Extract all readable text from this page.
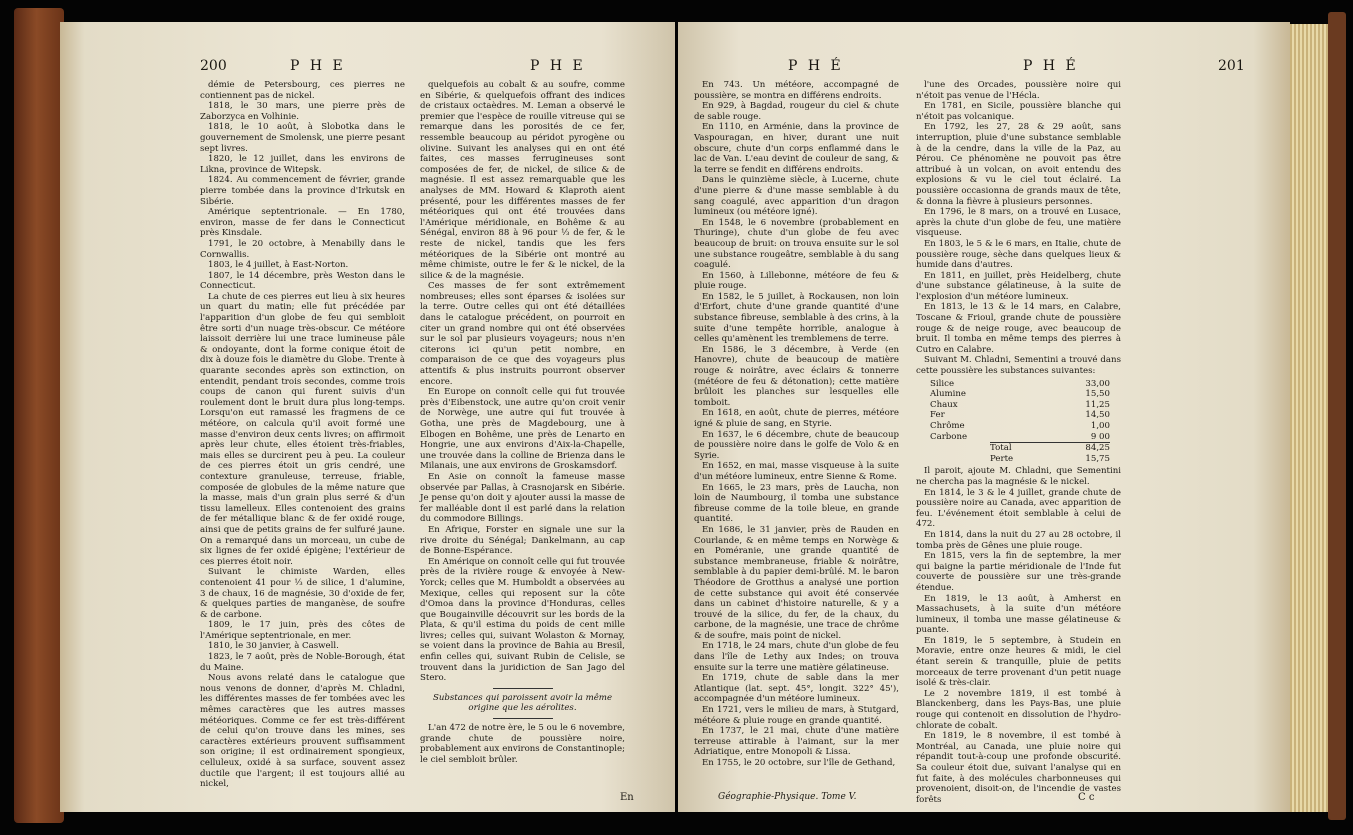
200	P H E	P H E

démie de Petersbourg, ces pierres ne contiennent pas de nickel.

1818, le 30 mars, une pierre près de Zaborzyca en Volhinie.

1818, le 10 août, à Slobotka dans le gouvernement de Smolensk, une pierre pesant sept livres.

1820, le 12 juillet, dans les environs de Likna, province de Witepsk.

1824. Au commencement de février, grande pierre tombée dans la province d'Irkutsk en Sibérie.

Amérique septentrionale. — En 1780, environ, masse de fer dans le Connecticut près Kinsdale.

1791, le 20 octobre, à Menabilly dans le Cornwallis.

1803, le 4 juillet, à East-Norton.

1807, le 14 décembre, près Weston dans le Connecticut.

La chute de ces pierres eut lieu à six heures un quart du matin; elle fut précédée par l'apparition d'un globe de feu qui sembloit être sorti d'un nuage très-obscur. Ce météore laissoit derrière lui une trace lumineuse pâle & ondoyante, dont la forme conique étoit de dix à douze fois le diamètre du Globe. Trente à quarante secondes après son extinction, on entendit, pendant trois secondes, comme trois coups de canon qui furent suivis d'un roulement dont le bruit dura plus long-temps. Lorsqu'on eut ramassé les fragmens de ce météore, on calcula qu'il avoit formé une masse d'environ deux cents livres; on affirmoit après leur chute, elles étoient très-friables, mais elles se durcirent peu à peu. La couleur de ces pierres étoit un gris cendré, une contexture granuleuse, terreuse, friable, composée de globules de la même nature que la masse, mais d'un grain plus serré & d'un tissu lamelleux. Elles contenoient des grains de fer métallique blanc & de fer oxidé rouge, ainsi que de petits grains de fer sulfuré jaune. On a remarqué dans un morceau, un cube de six lignes de fer oxidé épigène; l'extérieur de ces pierres étoit noir.

Suivant le chimiste Warden, elles contenoient 41 pour ⅓ de silice, 1 d'alumine, 3 de chaux, 16 de magnésie, 30 d'oxide de fer, & quelques parties de manganèse, de soufre & de carbone.

1809, le 17 juin, près des côtes de l'Amérique septentrionale, en mer.

1810, le 30 janvier, à Caswell.

1823, le 7 août, près de Noble-Borough, état du Maine.

Nous avons relaté dans le catalogue que nous venons de donner, d'après M. Chladni, les différentes masses de fer tombées avec les mêmes caractères que les autres masses météoriques. Comme ce fer est très-différent de celui qu'on trouve dans les mines, ses caractères extérieurs prouvent suffisamment son origine; il est ordinairement spongieux, celluleux, oxidé à sa surface, souvent assez ductile que l'argent; il est toujours allié au nickel,

quelquefois au cobalt & au soufre, comme en Sibérie, & quelquefois offrant des indices de cristaux octaèdres. M. Leman a observé le premier que l'espèce de rouille vitreuse qui se remarque dans les porosités de ce fer, ressemble beaucoup au péridot pyrogène ou olivine. Suivant les analyses qui en ont été faites, ces masses ferrugineuses sont composées de fer, de nickel, de silice & de magnésie. Il est assez remarquable que les analyses de MM. Howard & Klaproth aient présenté, pour les différentes masses de fer météoriques qui ont été trouvées dans l'Amérique méridionale, en Bohême & au Sénégal, environ 88 à 96 pour ⅓ de fer, & le reste de nickel, tandis que les fers météoriques de la Sibérie ont montré au même chimiste, outre le fer & le nickel, de la silice & de la magnésie.

Ces masses de fer sont extrêmement nombreuses; elles sont éparses & isolées sur la terre. Outre celles qui ont été détaillées dans le catalogue précédent, on pourroit en citer un grand nombre qui ont été observées sur le sol par plusieurs voyageurs; nous n'en citerons ici qu'un petit nombre, en comparaison de ce que des voyageurs plus attentifs & plus instruits pourront observer encore.

En Europe on connoît celle qui fut trouvée près d'Eibenstock, une autre qu'on croit venir de Norwège, une autre qui fut trouvée à Gotha, une près de Magdebourg, une à Elbogen en Bohême, une près de Lenarto en Hongrie, une aux environs d'Aix-la-Chapelle, une trouvée dans la colline de Brienza dans le Milanais, une aux environs de Groskamsdorf.

En Asie on connoît la fameuse masse observée par Pallas, à Crasnojarsk en Sibérie. Je pense qu'on doit y ajouter aussi la masse de fer malléable dont il est parlé dans la relation du commodore Billings.

En Afrique, Forster en signale une sur la rive droite du Sénégal; Dankelmann, au cap de Bonne-Espérance.

En Amérique on connoît celle qui fut trouvée près de la rivière rouge & envoyée à New-Yorck; celles que M. Humboldt a observées au Mexique, celles qui reposent sur la côte d'Omoa dans la province d'Honduras, celles que Bougainville découvrit sur les bords de la Plata, & qu'il estima du poids de cent mille livres; celles qui, suivant Wolaston & Mornay, se voient dans la province de Bahia au Bresil, enfin celles qui, suivant Rubin de Celisle, se trouvent dans la juridiction de San Jago del Stero.

Substances qui paroissent avoir la même origine que les aérolites.

L'an 472 de notre ère, le 5 ou le 6 novembre, grande chute de poussière noire, probablement aux environs de Constantinople; le ciel sembloit brûler.

En
P H É	P H É	201

En 743. Un météore, accompagné de poussière, se montra en différens endroits.

En 929, à Bagdad, rougeur du ciel & chute de sable rouge.

En 1110, en Arménie, dans la province de Vaspouragan, en hiver, durant une nuit obscure, chute d'un corps enflammé dans le lac de Van. L'eau devint de couleur de sang, & la terre se fendit en différens endroits.

Dans le quinzième siècle, à Lucerne, chute d'une pierre & d'une masse semblable à du sang coagulé, avec apparition d'un dragon lumineux (ou météore igné).

En 1548, le 6 novembre (probablement en Thuringe), chute d'un globe de feu avec beaucoup de bruit: on trouva ensuite sur le sol une substance rougeâtre, semblable à du sang coagulé.

En 1560, à Lillebonne, météore de feu & pluie rouge.

En 1582, le 5 juillet, à Rockausen, non loin d'Erfort, chute d'une grande quantité d'une substance fibreuse, semblable à des crins, à la suite d'une tempête horrible, analogue à celles qu'amènent les tremblemens de terre.

En 1586, le 3 décembre, à Verde (en Hanovre), chute de beaucoup de matière rouge & noirâtre, avec éclairs & tonnerre (météore de feu & détonation); cette matière brûloit les planches sur lesquelles elle tomboit.

En 1618, en août, chute de pierres, météore igné & pluie de sang, en Styrie.

En 1637, le 6 décembre, chute de beaucoup de poussière noire dans le golfe de Volo & en Syrie.

En 1652, en mai, masse visqueuse à la suite d'un météore lumineux, entre Sienne & Rome.

En 1665, le 23 mars, près de Laucha, non loin de Naumbourg, il tomba une substance fibreuse comme de la toile bleue, en grande quantité.

En 1686, le 31 janvier, près de Rauden en Courlande, & en même temps en Norwège & en Poméranie, une grande quantité de substance membraneuse, friable & noirâtre, semblable à du papier demi-brûlé. M. le baron Théodore de Grotthus a analysé une portion de cette substance qui avoit été conservée dans un cabinet d'histoire naturelle, & y a trouvé de la silice, du fer, de la chaux, du carbone, de la magnésie, une trace de chrôme & de soufre, mais point de nickel.

En 1718, le 24 mars, chute d'un globe de feu dans l'île de Lethy aux Indes; on trouva ensuite sur la terre une matière gélatineuse.

En 1719, chute de sable dans la mer Atlantique (lat. sept. 45°, longit. 322° 45'), accompagnée d'un météore lumineux.

En 1721, vers le milieu de mars, à Stutgard, météore & pluie rouge en grande quantité.

En 1737, le 21 mai, chute d'une matière terreuse attirable à l'aimant, sur la mer Adriatique, entre Monopoli & Lissa.

En 1755, le 20 octobre, sur l'île de Gethand,

l'une des Orcades, poussière noire qui n'étoit pas venue de l'Hécla.

En 1781, en Sicile, poussière blanche qui n'étoit pas volcanique.

En 1792, les 27, 28 & 29 août, sans interruption, pluie d'une substance semblable à de la cendre, dans la ville de la Paz, au Pérou. Ce phénomène ne pouvoit pas être attribué à un volcan, on avoit entendu des explosions & vu le ciel tout éclairé. La poussière occasionna de grands maux de tête, & donna la fièvre à plusieurs personnes.

En 1796, le 8 mars, on a trouvé en Lusace, après la chute d'un globe de feu, une matière visqueuse.

En 1803, le 5 & le 6 mars, en Italie, chute de poussière rouge, sèche dans quelques lieux & humide dans d'autres.

En 1811, en juillet, près Heidelberg, chute d'une substance gélatineuse, à la suite de l'explosion d'un météore lumineux.

En 1813, le 13 & le 14 mars, en Calabre, Toscane & Frioul, grande chute de poussière rouge & de neige rouge, avec beaucoup de bruit. Il tomba en même temps des pierres à Cutro en Calabre.

Suivant M. Chladni, Sementini a trouvé dans cette poussière les substances suivantes:

Silice	33,00
Alumine	15,50
Chaux	11,25
Fer	14,50
Chrôme	1,00
Carbone	9 00
Total	84,25
Perte	15,75

Il paroit, ajoute M. Chladni, que Sementini ne chercha pas la magnésie & le nickel.

En 1814, le 3 & le 4 juillet, grande chute de poussière noire au Canada, avec apparition de feu. L'événement étoit semblable à celui de 472.

En 1814, dans la nuit du 27 au 28 octobre, il tomba près de Gênes une pluie rouge.

En 1815, vers la fin de septembre, la mer qui baigne la partie méridionale de l'Inde fut couverte de poussière sur une très-grande étendue.

En 1819, le 13 août, à Amherst en Massachusets, à la suite d'un météore lumineux, il tomba une masse gélatineuse & puante.

En 1819, le 5 septembre, à Studein en Moravie, entre onze heures & midi, le ciel étant serein & tranquille, pluie de petits morceaux de terre provenant d'un petit nuage isolé & très-clair.

Le 2 novembre 1819, il est tombé à Blanckenberg, dans les Pays-Bas, une pluie rouge qui contenoit en dissolution de l'hydro-chlorate de cobalt.

En 1819, le 8 novembre, il est tombé à Montréal, au Canada, une pluie noire qui répandit tout-à-coup une profonde obscurité. Sa couleur étoit due, suivant l'analyse qui en fut faite, à des molécules charbonneuses qui provenoient, disoit-on, de l'incendie de vastes forêts

Géographie-Physique. Tome V.	C c
